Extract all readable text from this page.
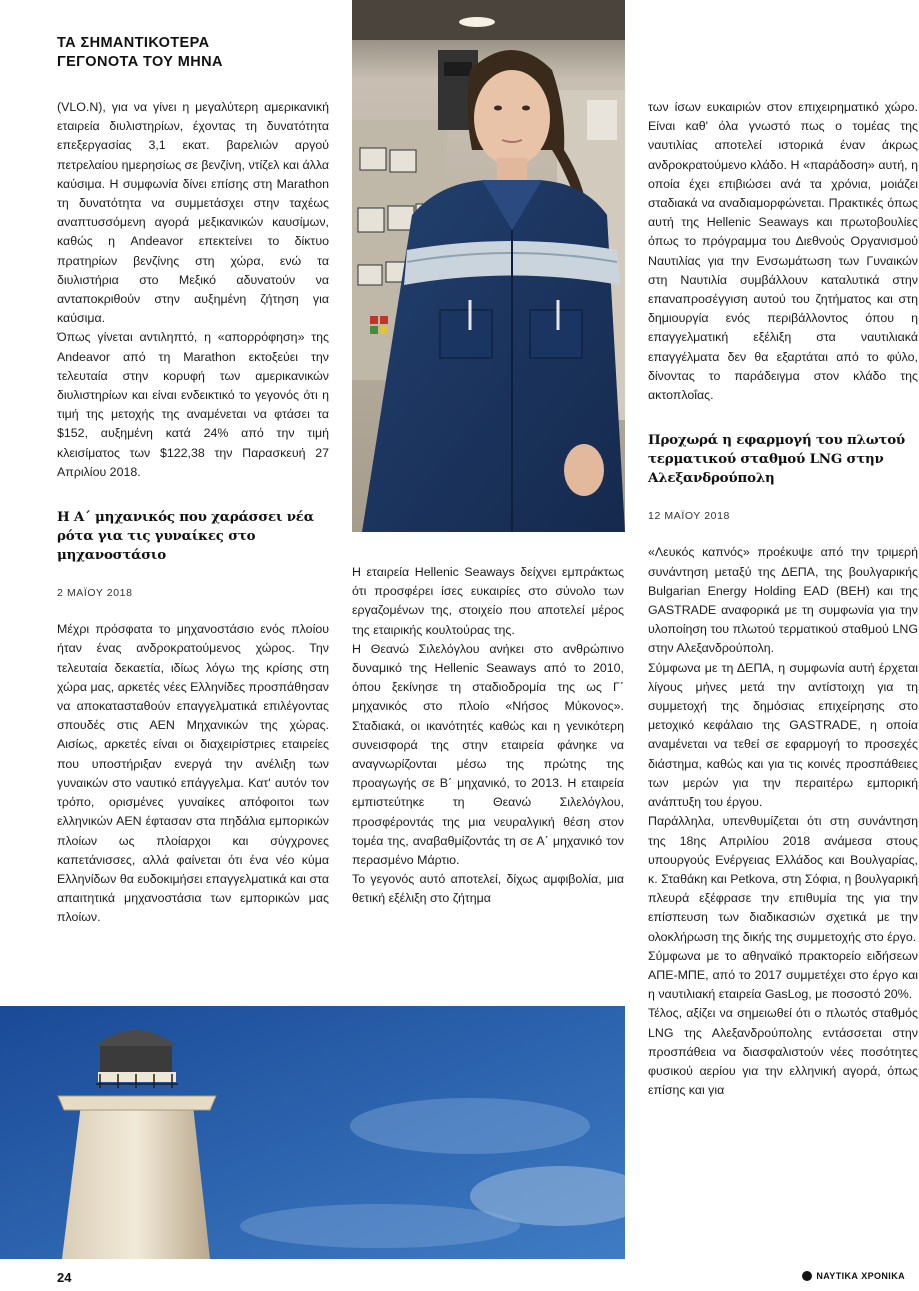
ΤΑ ΣΗΜΑΝΤΙΚΟΤΕΡΑ
ΓΕΓΟΝΟΤΑ ΤΟΥ ΜΗΝΑ

(VLO.N), για να γίνει η μεγαλύτερη αμερικανική εταιρεία διυλιστηρίων, έχοντας τη δυνατότητα επεξεργασίας 3,1 εκατ. βαρελιών αργού πετρελαίου ημερησίως σε βενζίνη, ντίζελ και άλλα καύσιμα. Η συμφωνία δίνει επίσης στη Marathon τη δυνατότητα να συμμετάσχει στην ταχέως αναπτυσσόμενη αγορά μεξικανικών καυσίμων, καθώς η Andeavor επεκτείνει το δίκτυο πρατηρίων βενζίνης στη χώρα, ενώ τα διυλιστήρια στο Μεξικό αδυνατούν να ανταποκριθούν στην αυξημένη ζήτηση για καύσιμα.

Όπως γίνεται αντιληπτό, η «απορρόφηση» της Andeavor από τη Marathon εκτοξεύει την τελευταία στην κορυφή των αμερικανικών διυλιστηρίων και είναι ενδεικτικό το γεγονός ότι η τιμή της μετοχής της αναμένεται να φτάσει τα $152, αυξημένη κατά 24% από την τιμή κλεισίματος των $122,38 την Παρασκευή 27 Απριλίου 2018.

Η Α΄ μηχανικός που χαράσσει νέα ρότα για τις γυναίκες στο μηχανοστάσιο
2 ΜΑΪΟΥ 2018

Μέχρι πρόσφατα το μηχανοστάσιο ενός πλοίου ήταν ένας ανδροκρατούμενος χώρος. Την τελευταία δεκαετία, ιδίως λόγω της κρίσης στη χώρα μας, αρκετές νέες Ελληνίδες προσπάθησαν να αποκατασταθούν επαγγελματικά επιλέγοντας σπουδές στις ΑΕΝ Μηχανικών της χώρας. Αισίως, αρκετές είναι οι διαχειρίστριες εταιρείες που υποστήριξαν ενεργά την ανέλιξη των γυναικών στο ναυτικό επάγγελμα. Κατ' αυτόν τον τρόπο, ορισμένες γυναίκες απόφοιτοι των ελληνικών ΑΕΝ έφτασαν στα πηδάλια εμπορικών πλοίων ως πλοίαρχοι και σύγχρονες καπετάνισσες, αλλά φαίνεται ότι ένα νέο κύμα Ελληνίδων θα ευδοκιμήσει επαγγελματικά και στα απαιτητικά μηχανοστάσια των εμπορικών μας πλοίων.

Η εταιρεία Hellenic Seaways δείχνει εμπράκτως ότι προσφέρει ίσες ευκαιρίες στο σύνολο των εργαζομένων της, στοιχείο που αποτελεί μέρος της εταιρικής κουλτούρας της.

Η Θεανώ Σιλελόγλου ανήκει στο ανθρώπινο δυναμικό της Hellenic Seaways από το 2010, όπου ξεκίνησε τη σταδιοδρομία της ως Γ΄ μηχανικός στο πλοίο «Νήσος Μύκονος». Σταδιακά, οι ικανότητές καθώς και η γενικότερη συνεισφορά της στην εταιρεία φάνηκε να αναγνωρίζονται μέσω της πρώτης της προαγωγής σε Β΄ μηχανικό, το 2013. Η εταιρεία εμπιστεύτηκε τη Θεανώ Σιλελόγλου, προσφέροντάς της μια νευραλγική θέση στον τομέα της, αναβαθμίζοντάς τη σε Α΄ μηχανικό τον περασμένο Μάρτιο.

Το γεγονός αυτό αποτελεί, δίχως αμφιβολία, μια θετική εξέλιξη στο ζήτημα

των ίσων ευκαιριών στον επιχειρηματικό χώρο. Είναι καθ' όλα γνωστό πως ο τομέας της ναυτιλίας αποτελεί ιστορικά έναν άκρως ανδροκρατούμενο κλάδο. Η «παράδοση» αυτή, η οποία έχει επιβιώσει ανά τα χρόνια, μοιάζει σταδιακά να αναδιαμορφώνεται. Πρακτικές όπως αυτή της Hellenic Seaways και πρωτοβουλίες όπως το πρόγραμμα του Διεθνούς Οργανισμού Ναυτιλίας για την Ενσωμάτωση των Γυναικών στη Ναυτιλία συμβάλλουν καταλυτικά στην επαναπροσέγγιση αυτού του ζητήματος και στη δημιουργία ενός περιβάλλοντος όπου η επαγγελματική εξέλιξη στα ναυτιλιακά επαγγέλματα δεν θα εξαρτάται από το φύλο, δίνοντας το παράδειγμα στον κλάδο της ακτοπλοΐας.

Προχωρά η εφαρμογή του πλωτού τερματικού σταθμού LNG στην Αλεξανδρούπολη
12 ΜΑΪΟΥ 2018

«Λευκός καπνός» προέκυψε από την τριμερή συνάντηση μεταξύ της ΔΕΠΑ, της βουλγαρικής Bulgarian Energy Holding EAD (BEH) και της GASTRADE αναφορικά με τη συμφωνία για την υλοποίηση του πλωτού τερματικού σταθμού LNG στην Αλεξανδρούπολη.

Σύμφωνα με τη ΔΕΠΑ, η συμφωνία αυτή έρχεται λίγους μήνες μετά την αντίστοιχη για τη συμμετοχή της δημόσιας επιχείρησης στο μετοχικό κεφάλαιο της GASTRADE, η οποία αναμένεται να τεθεί σε εφαρμογή το προσεχές διάστημα, καθώς και για τις κοινές προσπάθειες των μερών για την περαιτέρω εμπορική ανάπτυξη του έργου.

Παράλληλα, υπενθυμίζεται ότι στη συνάντηση της 18ης Απριλίου 2018 ανάμεσα στους υπουργούς Ενέργειας Ελλάδος και Βουλγαρίας, κ. Σταθάκη και Petkova, στη Σόφια, η βουλγαρική πλευρά εξέφρασε την επιθυμία της για την επίσπευση των διαδικασιών σχετικά με την ολοκλήρωση της δικής της συμμετοχής στο έργο.

Σύμφωνα με το αθηναϊκό πρακτορείο ειδήσεων ΑΠΕ-ΜΠΕ, από το 2017 συμμετέχει στο έργο και η ναυτιλιακή εταιρεία GasLog, με ποσοστό 20%.

Τέλος, αξίζει να σημειωθεί ότι ο πλωτός σταθμός LNG της Αλεξανδρούπολης εντάσσεται στην προσπάθεια να διασφαλιστούν νέες ποσότητες φυσικού αερίου για την ελληνική αγορά, όπως επίσης και για

24	ΝΑΥΤΙΚΑ ΧΡΟΝΙΚΑ
